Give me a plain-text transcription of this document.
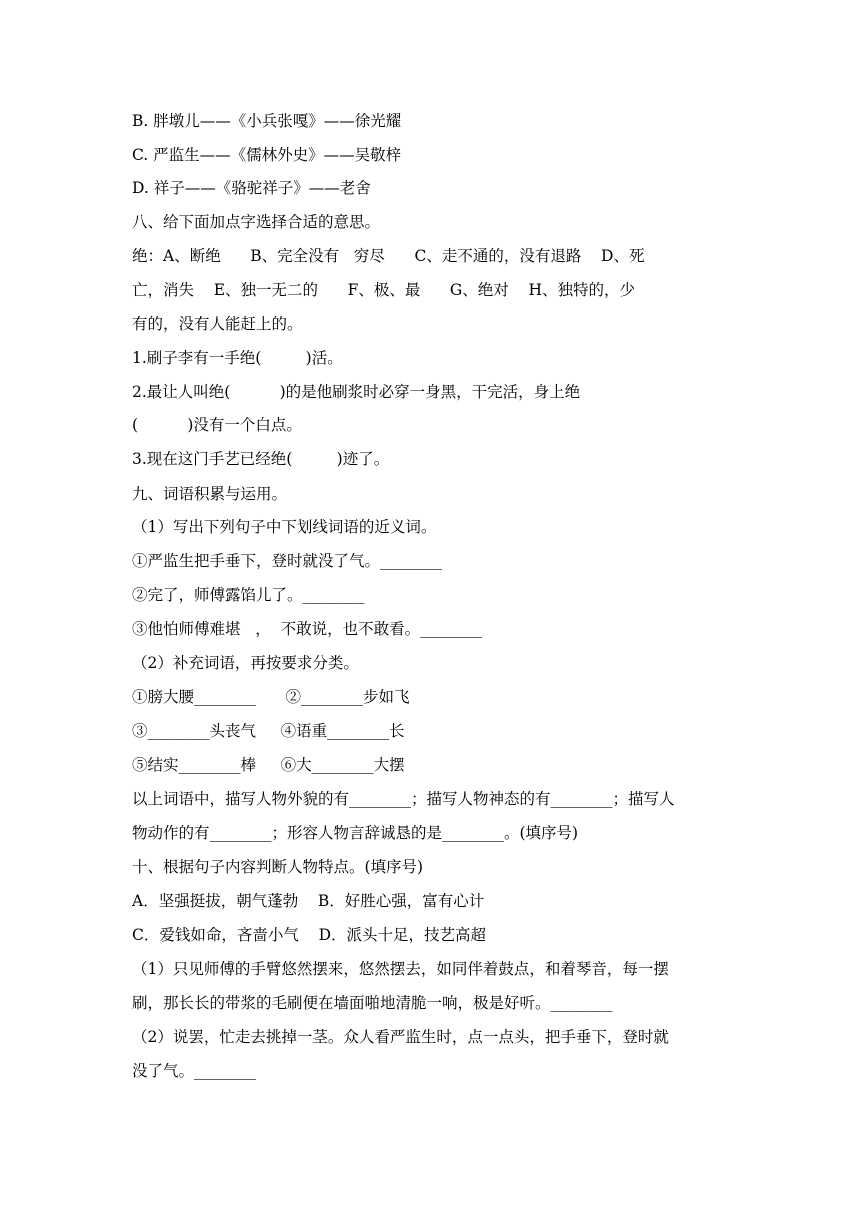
B. 胖墩儿——《小兵张嘎》——徐光耀
C. 严监生——《儒林外史》——吴敬梓
D. 祥子——《骆驼祥子》——老舍
八、给下面加点字选择合适的意思。
绝：A、断绝      B、完全没有   穷尽      C、走不通的，没有退路    D、死
亡，消失    E、独一无二的      F、极、最      G、绝对    H、独特的，少
有的，没有人能赶上的。
1.刷子李有一手绝(         )活。
2.最让人叫绝(          )的是他刷浆时必穿一身黑，干完活，身上绝
(          )没有一个白点。
3.现在这门手艺已经绝(         )迹了。
九、词语积累与运用。
（1）写出下列句子中下划线词语的近义词。
①严监生把手垂下，登时就没了气。________
②完了，师傅露馅儿了。________
③他怕师傅难堪   ，  不敢说，也不敢看。________
（2）补充词语，再按要求分类。
①膀大腰________      ②________步如飞
③________头丧气     ④语重________长
⑤结实________棒     ⑥大________大摆
以上词语中，描写人物外貌的有________；描写人物神态的有________；描写人
物动作的有________；形容人物言辞诚恳的是________。(填序号)
十、根据句子内容判断人物特点。(填序号)
A．坚强挺拔，朝气蓬勃    B．好胜心强，富有心计
C．爱钱如命，吝啬小气    D．派头十足，技艺高超
（1）只见师傅的手臂悠然摆来，悠然摆去，如同伴着鼓点，和着琴音，每一摆
刷，那长长的带浆的毛刷便在墙面啪地清脆一响，极是好听。________
（2）说罢，忙走去挑掉一茎。众人看严监生时，点一点头，把手垂下，登时就
没了气。________
